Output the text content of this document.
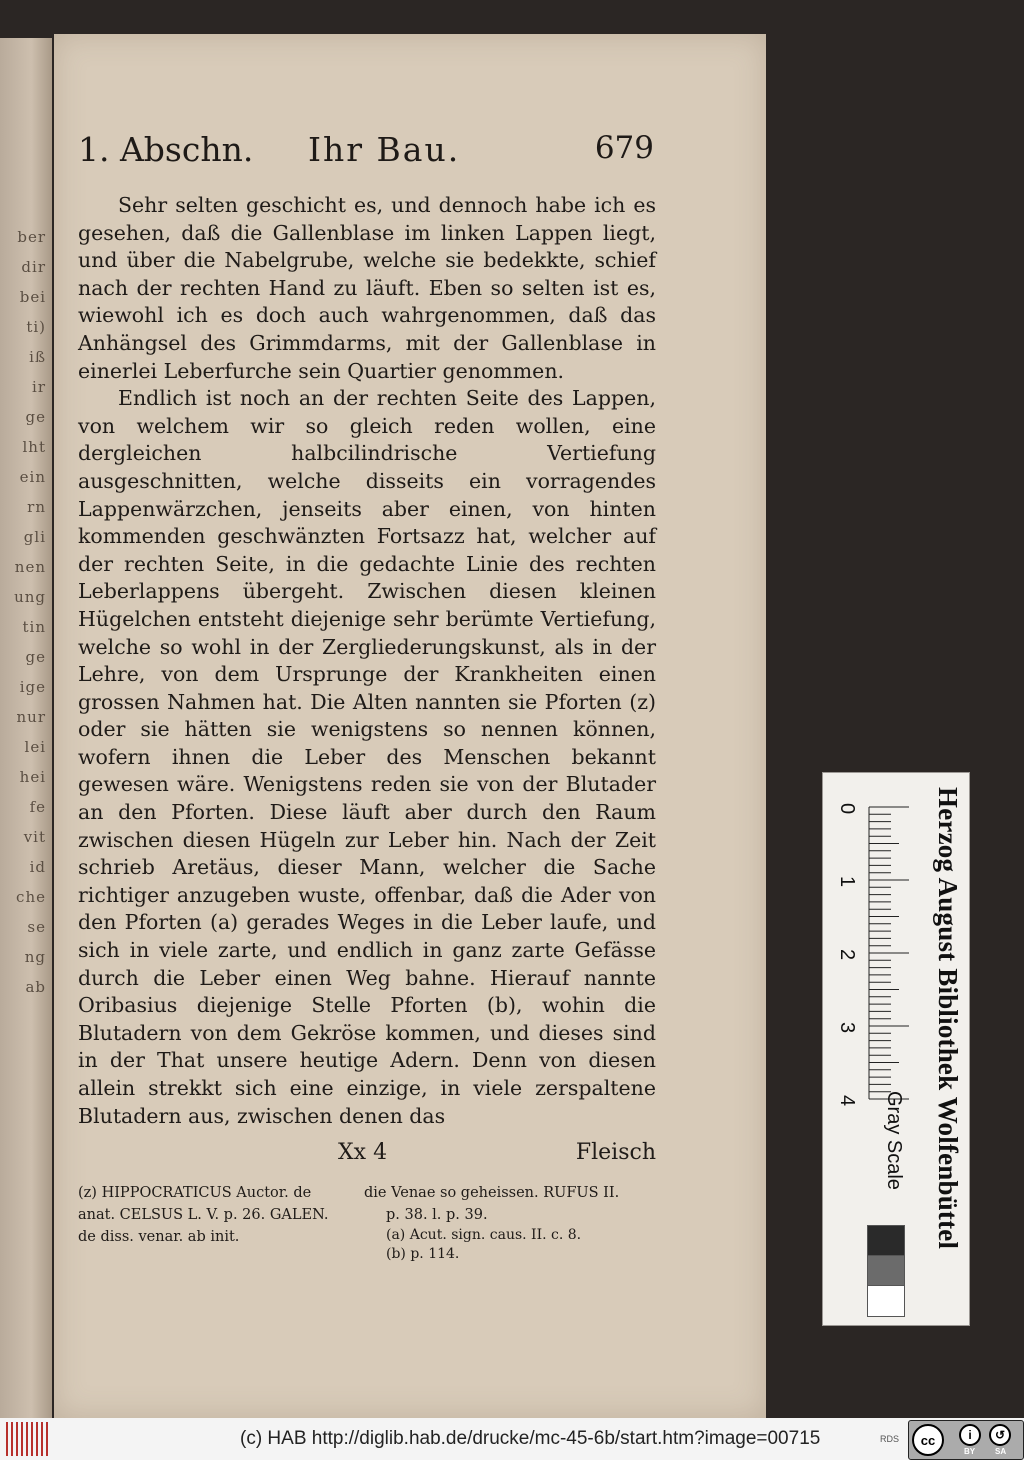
ber
dir
bei
ti)
iß
ir
ge
lht
ein
rn
gli
nen
ung
tin
ge
ige
nur
lei
hei
fe
vit
id
che
se
ng
ab
1. Abschn. Ihr Bau.	679

Sehr selten geschicht es, und dennoch habe ich es gesehen, daß die Gallenblase im linken Lappen liegt, und über die Nabelgrube, welche sie bedekkte, schief nach der rechten Hand zu läuft. Eben so selten ist es, wiewohl ich es doch auch wahrgenommen, daß das Anhängsel des Grimmdarms, mit der Gallenblase in einerlei Leberfurche sein Quartier genommen.

Endlich ist noch an der rechten Seite des Lappen, von welchem wir so gleich reden wollen, eine dergleichen halbcilindrische Vertiefung ausgeschnitten, welche disseits ein vorragendes Lappenwärzchen, jenseits aber einen, von hinten kommenden geschwänzten Fortsazz hat, welcher auf der rechten Seite, in die gedachte Linie des rechten Leberlappens übergeht. Zwischen diesen kleinen Hügelchen entsteht diejenige sehr berümte Vertiefung, welche so wohl in der Zergliederungskunst, als in der Lehre, von dem Ursprunge der Krankheiten einen grossen Nahmen hat. Die Alten nannten sie Pforten (z) oder sie hätten sie wenigstens so nennen können, wofern ihnen die Leber des Menschen bekannt gewesen wäre. Wenigstens reden sie von der Blutader an den Pforten. Diese läuft aber durch den Raum zwischen diesen Hügeln zur Leber hin. Nach der Zeit schrieb Aretäus, dieser Mann, welcher die Sache richtiger anzugeben wuste, offenbar, daß die Ader von den Pforten (a) gerades Weges in die Leber laufe, und sich in viele zarte, und endlich in ganz zarte Gefässe durch die Leber einen Weg bahne. Hierauf nannte Oribasius diejenige Stelle Pforten (b), wohin die Blutadern von dem Gekröse kommen, und dieses sind in der That unsere heutige Adern. Denn von diesen allein strekkt sich eine einzige, in viele zerspaltene Blutadern aus, zwischen denen das

Xx 4	Fleisch
(z) HIPPOCRATICUS Auctor. de anat. CELSUS L. V. p. 26. GALEN. de diss. venar. ab init.
die Venae so geheissen. RUFUS II.
p. 38. l. p. 39.
(a) Acut. sign. caus. II. c. 8.
(b) p. 114.
Herzog August Bibliothek Wolfenbüttel
0
1
2
3
4	Gray Scale
(c) HAB http://diglib.hab.de/drucke/mc-45-6b/start.htm?image=00715	RDS	cc	i	↺
BY SA
